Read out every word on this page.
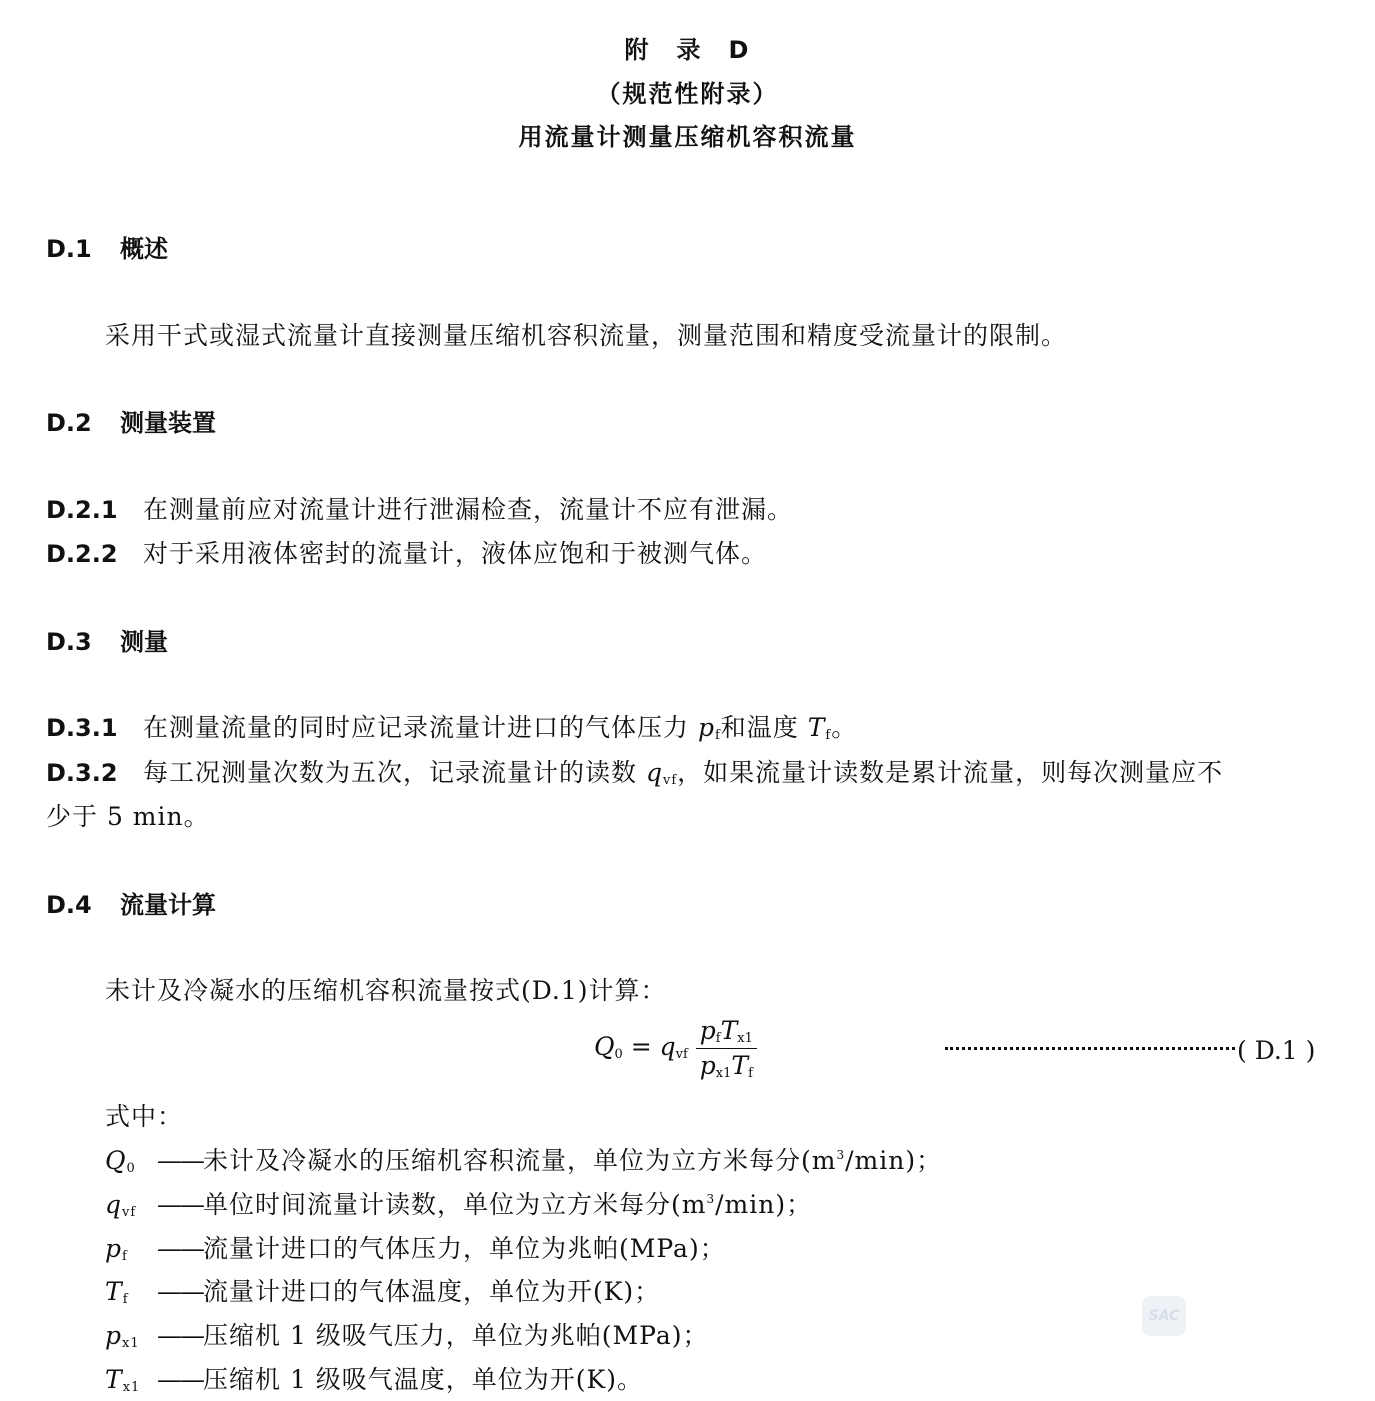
附　录　D
（规范性附录）
用流量计测量压缩机容积流量
D.1 概述
采用干式或湿式流量计直接测量压缩机容积流量，测量范围和精度受流量计的限制。
D.2 测量装置
D.2.1 在测量前应对流量计进行泄漏检查，流量计不应有泄漏。
D.2.2 对于采用液体密封的流量计，液体应饱和于被测气体。
D.3 测量
D.3.1 在测量流量的同时应记录流量计进口的气体压力 $p_f$和温度 $T_f$。
D.3.2 每工况测量次数为五次，记录流量计的读数 $q_{vf}$，如果流量计读数是累计流量，则每次测量应不
少于 5 min。
D.4 流量计算
未计及冷凝水的压缩机容积流量按式(D.1)计算：
$Q_0 = q_{vf} \frac{p_fT_{x1}}{p_{x1}T_f}$	( D.1 )
式中：
$Q_0$ ——未计及冷凝水的压缩机容积流量，单位为立方米每分$(m^3/\min)$；
$q_{vf}$ ——单位时间流量计读数，单位为立方米每分$(m^3/\min)$；
$p_f$ ——流量计进口的气体压力，单位为兆帕(MPa)；
$T_f$ ——流量计进口的气体温度，单位为开(K)；
$p_{x1}$ ——压缩机 1 级吸气压力，单位为兆帕(MPa)；
$T_{x1}$ ——压缩机 1 级吸气温度，单位为开(K)。
SAC
